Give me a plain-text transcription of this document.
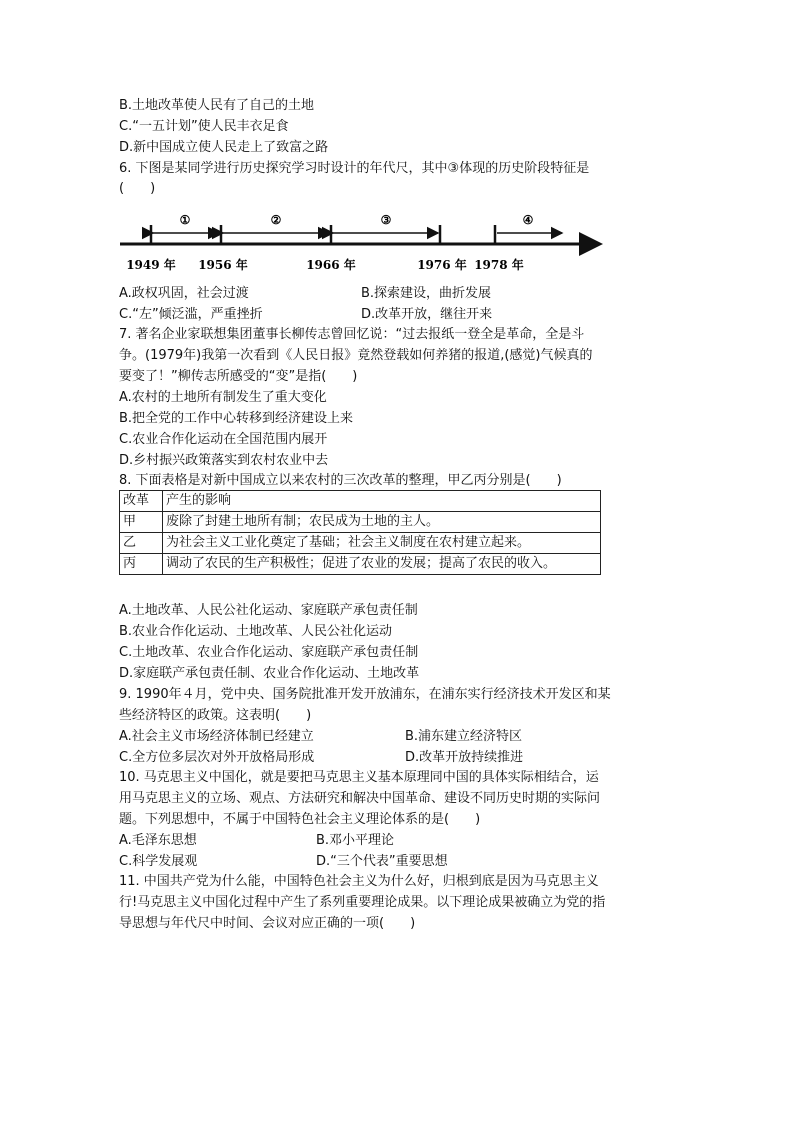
B.土地改革使人民有了自己的土地
C.“一五计划”使人民丰衣足食
D.新中国成立使人民走上了致富之路
6. 下图是某同学进行历史探究学习时设计的年代尺，其中③体现的历史阶段特征是
(　　)
①	②	③	④
1949 年 1956 年	1966 年	1976 年 1978 年
A.政权巩固，社会过渡	B.探索建设，曲折发展
C.“左”倾泛滥，严重挫折	D.改革开放，继往开来
7. 著名企业家联想集团董事长柳传志曾回忆说：“过去报纸一登全是革命，全是斗
争。(1979年)我第一次看到《人民日报》竟然登载如何养猪的报道,(感觉)气候真的
要变了！”柳传志所感受的“变”是指(　　)
A.农村的土地所有制发生了重大变化
B.把全党的工作中心转移到经济建设上来
C.农业合作化运动在全国范围内展开
D.乡村振兴政策落实到农村农业中去
8. 下面表格是对新中国成立以来农村的三次改革的整理，甲乙丙分别是(　　)
改革	产生的影响
甲	废除了封建土地所有制；农民成为土地的主人。
乙	为社会主义工业化奠定了基础；社会主义制度在农村建立起来。
丙	调动了农民的生产积极性；促进了农业的发展；提高了农民的收入。
A.土地改革、人民公社化运动、家庭联产承包责任制
B.农业合作化运动、土地改革、人民公社化运动
C.土地改革、农业合作化运动、家庭联产承包责任制
D.家庭联产承包责任制、农业合作化运动、土地改革
9. 1990年４月，党中央、国务院批准开发开放浦东，在浦东实行经济技术开发区和某
些经济特区的政策。这表明(　　)
A.社会主义市场经济体制已经建立	B.浦东建立经济特区
C.全方位多层次对外开放格局形成	D.改革开放持续推进
10. 马克思主义中国化，就是要把马克思主义基本原理同中国的具体实际相结合，运
用马克思主义的立场、观点、方法研究和解决中国革命、建设不同历史时期的实际问
题。下列思想中，不属于中国特色社会主义理论体系的是(　　)
A.毛泽东思想	B.邓小平理论
C.科学发展观	D.“三个代表”重要思想
11. 中国共产党为什么能，中国特色社会主义为什么好，归根到底是因为马克思主义
行!马克思主义中国化过程中产生了系列重要理论成果。以下理论成果被确立为党的指
导思想与年代尺中时间、会议对应正确的一项(　　)
